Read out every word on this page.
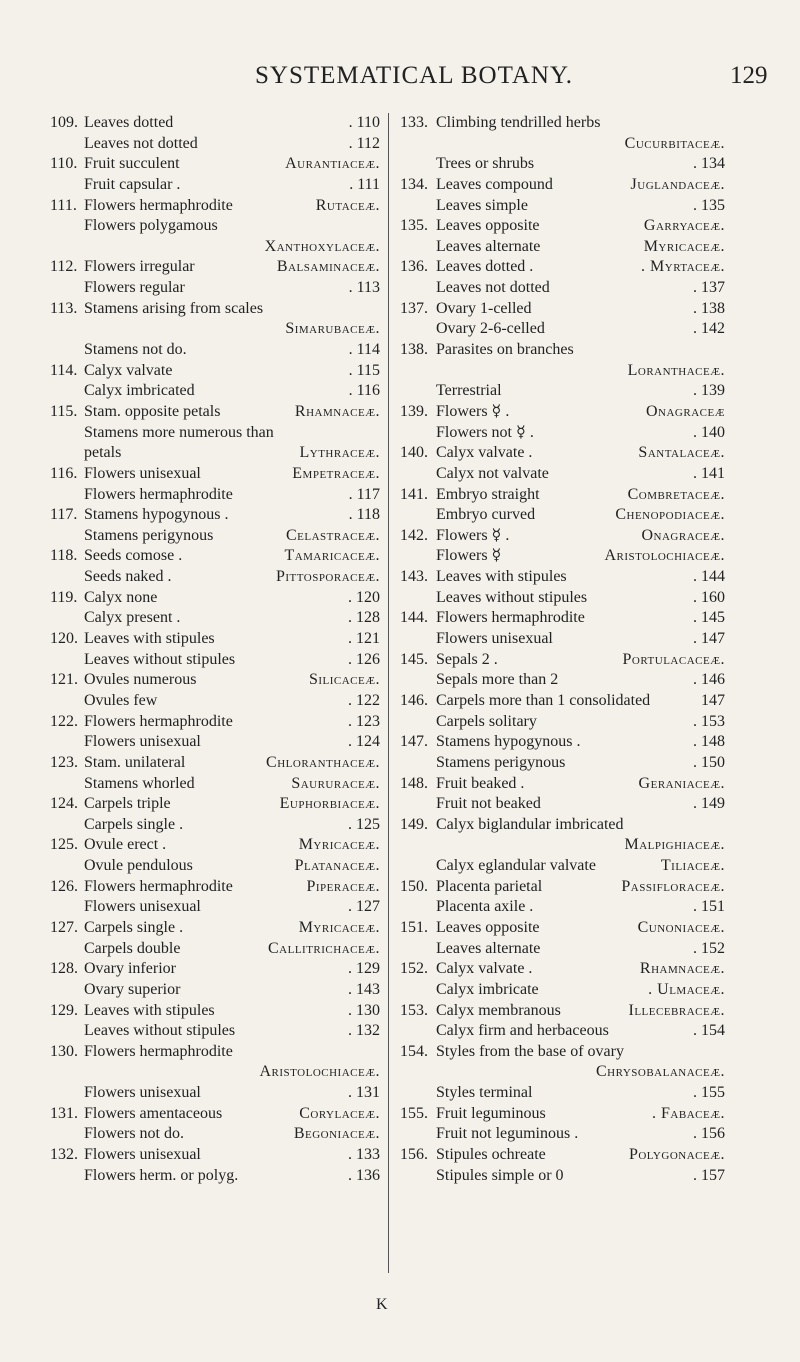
SYSTEMATICAL BOTANY.	129
109. Leaves dotted	. 110
Leaves not dotted	. 112
110. Fruit succulent	Aurantiaceæ.
Fruit capsular .	. 111
111. Flowers hermaphrodite	Rutaceæ.
Flowers polygamous
Xanthoxylaceæ.
112. Flowers irregular	Balsaminaceæ.
Flowers regular	. 113
113. Stamens arising from scales
Simarubaceæ.
Stamens not do.	. 114
114. Calyx valvate	. 115
Calyx imbricated	. 116
115. Stam. opposite petals	Rhamnaceæ.
Stamens more numerous than
petals	Lythraceæ.
116. Flowers unisexual	Empetraceæ.
Flowers hermaphrodite	. 117
117. Stamens hypogynous .	. 118
Stamens perigynous	Celastraceæ.
118. Seeds comose .	Tamaricaceæ.
Seeds naked .	Pittosporaceæ.
119. Calyx none	. 120
Calyx present .	. 128
120. Leaves with stipules	. 121
Leaves without stipules	. 126
121. Ovules numerous	Silicaceæ.
Ovules few	. 122
122. Flowers hermaphrodite	. 123
Flowers unisexual	. 124
123. Stam. unilateral	Chloranthaceæ.
Stamens whorled	Saururaceæ.
124. Carpels triple	Euphorbiaceæ.
Carpels single .	. 125
125. Ovule erect .	Myricaceæ.
Ovule pendulous	Platanaceæ.
126. Flowers hermaphrodite	Piperaceæ.
Flowers unisexual	. 127
127. Carpels single .	Myricaceæ.
Carpels double	Callitrichaceæ.
128. Ovary inferior	. 129
Ovary superior	. 143
129. Leaves with stipules	. 130
Leaves without stipules	. 132
130. Flowers hermaphrodite
Aristolochiaceæ.
Flowers unisexual	. 131
131. Flowers amentaceous	Corylaceæ.
Flowers not do.	Begoniaceæ.
132. Flowers unisexual	. 133
Flowers herm. or polyg.	. 136
133. Climbing tendrilled herbs
Cucurbitaceæ.
Trees or shrubs	. 134
134. Leaves compound	Juglandaceæ.
Leaves simple	. 135
135. Leaves opposite	Garryaceæ.
Leaves alternate	Myricaceæ.
136. Leaves dotted .	. Myrtaceæ.
Leaves not dotted	. 137
137. Ovary 1-celled	. 138
Ovary 2-6-celled	. 142
138. Parasites on branches
Loranthaceæ.
Terrestrial	. 139
139. Flowers ☿ .	Onagraceæ
Flowers not ☿ .	. 140
140. Calyx valvate .	Santalaceæ.
Calyx not valvate	. 141
141. Embryo straight	Combretaceæ.
Embryo curved	Chenopodiaceæ.
142. Flowers ☿ .	Onagraceæ.
Flowers ☿	Aristolochiaceæ.
143. Leaves with stipules	. 144
Leaves without stipules	. 160
144. Flowers hermaphrodite	. 145
Flowers unisexual	. 147
145. Sepals 2 .	Portulacaceæ.
Sepals more than 2	. 146
146. Carpels more than 1 consolidated	147
Carpels solitary	. 153
147. Stamens hypogynous .	. 148
Stamens perigynous	. 150
148. Fruit beaked .	Geraniaceæ.
Fruit not beaked	. 149
149. Calyx biglandular imbricated
Malpighiaceæ.
Calyx eglandular valvate	Tiliaceæ.
150. Placenta parietal	Passifloraceæ.
Placenta axile .	. 151
151. Leaves opposite	Cunoniaceæ.
Leaves alternate	. 152
152. Calyx valvate .	Rhamnaceæ.
Calyx imbricate	. Ulmaceæ.
153. Calyx membranous	Illecebraceæ.
Calyx firm and herbaceous	. 154
154. Styles from the base of ovary
Chrysobalanaceæ.
Styles terminal	. 155
155. Fruit leguminous	. Fabaceæ.
Fruit not leguminous .	. 156
156. Stipules ochreate	Polygonaceæ.
Stipules simple or 0	. 157
K
